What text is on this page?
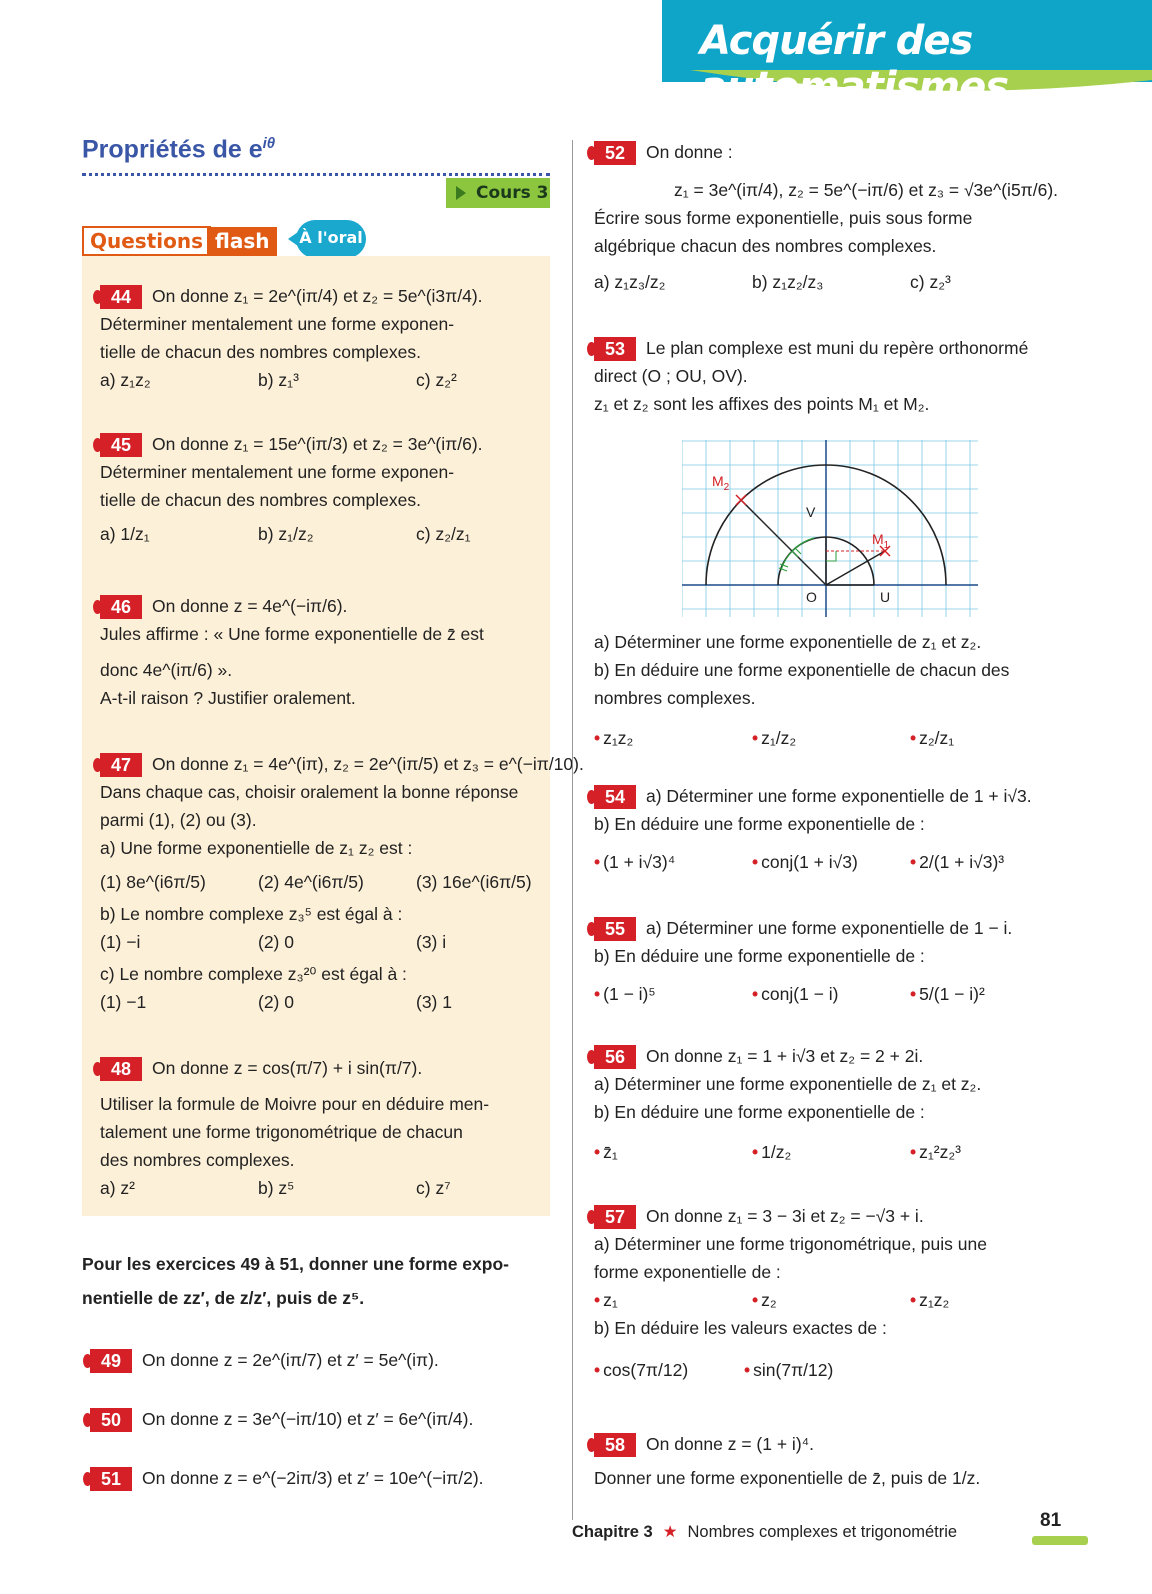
Acquérir des automatismes
Propriétés de $e^{i\theta}$
Cours 3
Questions flash	À l'oral
44 On donne z₁ = 2e^(iπ/4) et z₂ = 5e^(i3π/4).
Déterminer mentalement une forme exponen-
tielle de chacun des nombres complexes.
a) z₁z₂	b) z₁³	c) z₂²
45 On donne z₁ = 15e^(iπ/3) et z₂ = 3e^(iπ/6).
Déterminer mentalement une forme exponen-
tielle de chacun des nombres complexes.
a) 1/z₁	b) z₁/z₂	c) z₂/z₁
46 On donne z = 4e^(−iπ/6).
Jules affirme : « Une forme exponentielle de z̄ est
donc 4e^(iπ/6) ».
A-t-il raison ? Justifier oralement.
47 On donne z₁ = 4e^(iπ), z₂ = 2e^(iπ/5) et z₃ = e^(−iπ/10).
Dans chaque cas, choisir oralement la bonne réponse
parmi (1), (2) ou (3).
a) Une forme exponentielle de z₁ z₂ est :
(1) 8e^(i6π/5)	(2) 4e^(i6π/5)	(3) 16e^(i6π/5)
b) Le nombre complexe z₃⁵ est égal à :
(1) −i	(2) 0	(3) i
c) Le nombre complexe z₃²⁰ est égal à :
(1) −1	(2) 0	(3) 1
48 On donne z = cos(π/7) + i sin(π/7).
Utiliser la formule de Moivre pour en déduire men-
talement une forme trigonométrique de chacun
des nombres complexes.
a) z²	b) z⁵	c) z⁷
Pour les exercices 49 à 51, donner une forme expo-
nentielle de zz′, de z/z′, puis de z⁵.
49 On donne z = 2e^(iπ/7) et z′ = 5e^(iπ).
50 On donne z = 3e^(−iπ/10) et z′ = 6e^(iπ/4).
51 On donne z = e^(−2iπ/3) et z′ = 10e^(−iπ/2).
52 On donne :
z₁ = 3e^(iπ/4), z₂ = 5e^(−iπ/6) et z₃ = √3e^(i5π/6).
Écrire sous forme exponentielle, puis sous forme
algébrique chacun des nombres complexes.
a) z₁z₃/z₂	b) z₁z₂/z₃	c) z₂³
53 Le plan complexe est muni du repère orthonormé
direct (O ; OU, OV).
z₁ et z₂ sont les affixes des points M₁ et M₂.
$M_1$
$M_2$
V
O	U
a) Déterminer une forme exponentielle de z₁ et z₂.
b) En déduire une forme exponentielle de chacun des
nombres complexes.
• z₁z₂	• z₁/z₂	• z₂/z₁
54 a) Déterminer une forme exponentielle de 1 + i√3.
b) En déduire une forme exponentielle de :
• (1 + i√3)⁴	• conj(1 + i√3)	• 2/(1 + i√3)³
55 a) Déterminer une forme exponentielle de 1 − i.
b) En déduire une forme exponentielle de :
• (1 − i)⁵	• conj(1 − i)	• 5/(1 − i)²
56 On donne z₁ = 1 + i√3 et z₂ = 2 + 2i.
a) Déterminer une forme exponentielle de z₁ et z₂.
b) En déduire une forme exponentielle de :
• z̄₁	• 1/z₂	• z₁²z₂³
57 On donne z₁ = 3 − 3i et z₂ = −√3 + i.
a) Déterminer une forme trigonométrique, puis une
forme exponentielle de :
• z₁	• z₂	• z₁z₂
b) En déduire les valeurs exactes de :
• cos(7π/12)	• sin(7π/12)
58 On donne z = (1 + i)⁴.
Donner une forme exponentielle de z̄, puis de 1/z.
Chapitre 3 ★ Nombres complexes et trigonométrie
81
